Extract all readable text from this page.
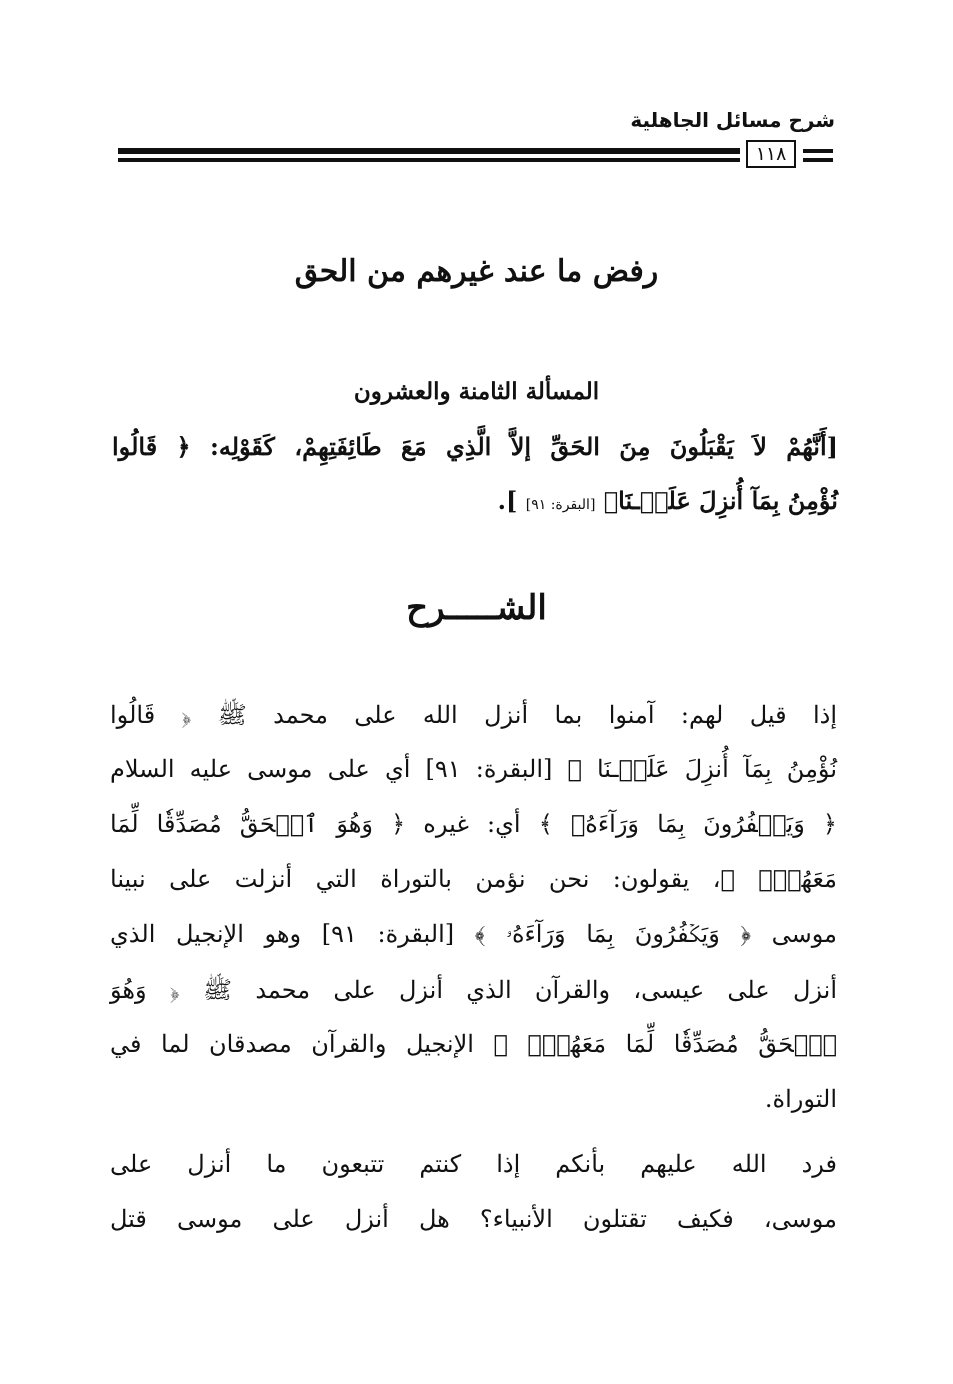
شرح مسائل الجاهلية
١١٨
رفض ما عند غيرهم من الحق
المسألة الثامنة والعشرون
[أَنَّهُمْ لاَ يَقْبَلُونَ مِنَ الحَقِّ إلاَّ الَّذِي مَعَ طَائِفَتِهِمْ، كَقَوْلِه: ﴿ قَالُوا
نُؤْمِنُ بِمَآ أُنزِلَ عَلَيۡـنَا﴾ [البقرة: ٩١] ].
الشـــــرح
إذا قيل لهم: آمنوا بما أنزل الله على محمد ﷺ ﴿ قَالُوا
نُؤْمِنُ بِمَآ أُنزِلَ عَلَيۡـنَا ﴾ [البقرة: ٩١] أي على موسى عليه السلام
﴿ وَيَكۡفُرُونَ بِمَا وَرَآءَهُۥ ﴾ أي: غيره ﴿ وَهُوَ ٱلۡحَقُّ مُصَدِّقٗا لِّمَا
مَعَهُمۡۗ ﴾، يقولون: نحن نؤمن بالتوراة التي أنزلت على نبينا
موسى ﴿ وَيَكۡفُرُونَ بِمَا وَرَآءَهُۥ ﴾ [البقرة: ٩١] وهو الإنجيل الذي
أنزل على عيسى، والقرآن الذي أنزل على محمد ﷺ ﴿ وَهُوَ
ٱلۡحَقُّ مُصَدِّقٗا لِّمَا مَعَهُمۡۗ ﴾ الإنجيل والقرآن مصدقان لما في
التوراة.
فرد الله عليهم بأنكم إذا كنتم تتبعون ما أنزل على
موسى، فكيف تقتلون الأنبياء؟ هل أنزل على موسى قتل
